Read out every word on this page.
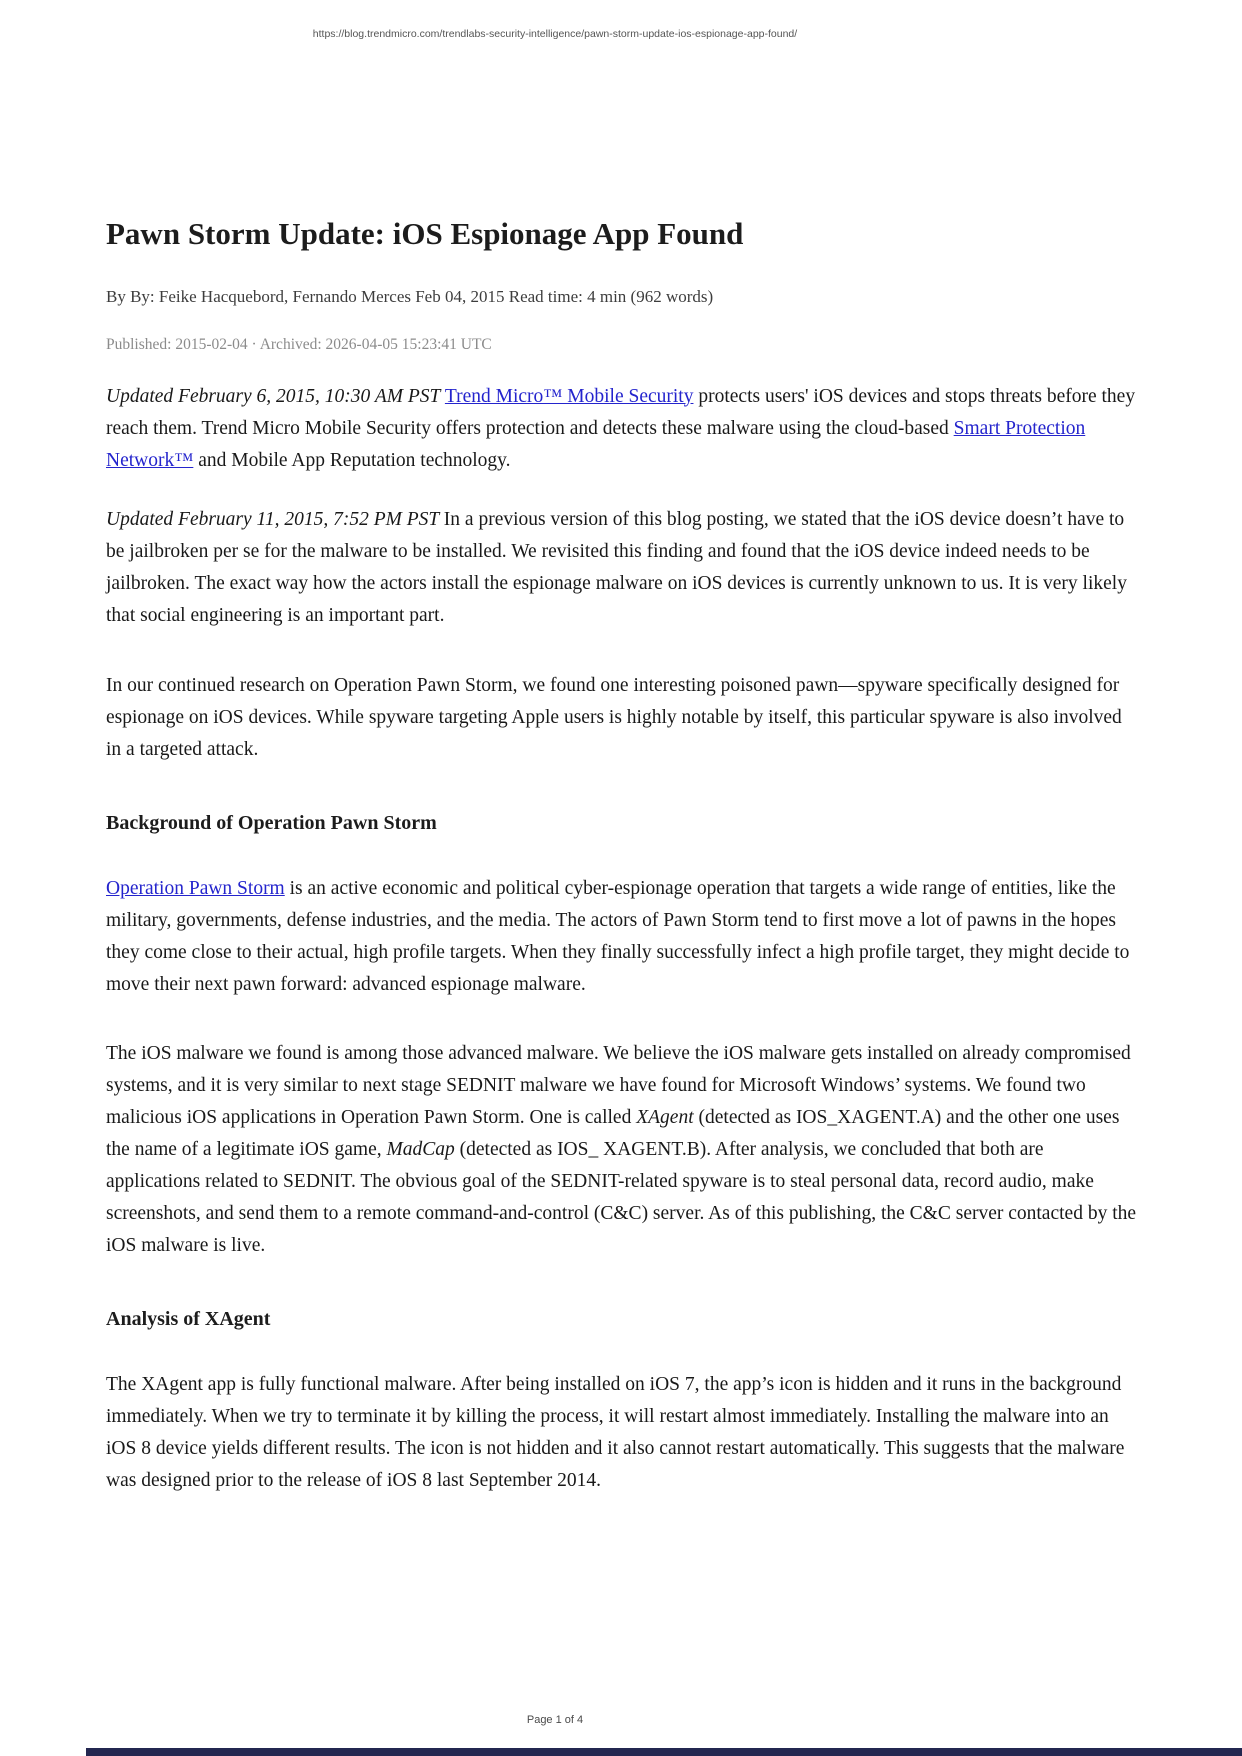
https://blog.trendmicro.com/trendlabs-security-intelligence/pawn-storm-update-ios-espionage-app-found/
Pawn Storm Update: iOS Espionage App Found
By By: Feike Hacquebord, Fernando Merces Feb 04, 2015 Read time: 4 min (962 words)
Published: 2015-02-04 · Archived: 2026-04-05 15:23:41 UTC

Updated February 6, 2015, 10:30 AM PST Trend Micro™ Mobile Security protects users' iOS devices and stops threats before they reach them. Trend Micro Mobile Security offers protection and detects these malware using the cloud-based Smart Protection Network™ and Mobile App Reputation technology.

Updated February 11, 2015, 7:52 PM PST In a previous version of this blog posting, we stated that the iOS device doesn’t have to be jailbroken per se for the malware to be installed. We revisited this finding and found that the iOS device indeed needs to be jailbroken. The exact way how the actors install the espionage malware on iOS devices is currently unknown to us. It is very likely that social engineering is an important part.

In our continued research on Operation Pawn Storm, we found one interesting poisoned pawn—spyware specifically designed for espionage on iOS devices. While spyware targeting Apple users is highly notable by itself, this particular spyware is also involved in a targeted attack.

Background of Operation Pawn Storm

Operation Pawn Storm is an active economic and political cyber-espionage operation that targets a wide range of entities, like the military, governments, defense industries, and the media. The actors of Pawn Storm tend to first move a lot of pawns in the hopes they come close to their actual, high profile targets. When they finally successfully infect a high profile target, they might decide to move their next pawn forward: advanced espionage malware.

The iOS malware we found is among those advanced malware. We believe the iOS malware gets installed on already compromised systems, and it is very similar to next stage SEDNIT malware we have found for Microsoft Windows’ systems. We found two malicious iOS applications in Operation Pawn Storm. One is called XAgent (detected as IOS_XAGENT.A) and the other one uses the name of a legitimate iOS game, MadCap (detected as IOS_ XAGENT.B). After analysis, we concluded that both are applications related to SEDNIT. The obvious goal of the SEDNIT-related spyware is to steal personal data, record audio, make screenshots, and send them to a remote command-and-control (C&C) server. As of this publishing, the C&C server contacted by the iOS malware is live.

Analysis of XAgent

The XAgent app is fully functional malware. After being installed on iOS 7, the app’s icon is hidden and it runs in the background immediately. When we try to terminate it by killing the process, it will restart almost immediately. Installing the malware into an iOS 8 device yields different results. The icon is not hidden and it also cannot restart automatically. This suggests that the malware was designed prior to the release of iOS 8 last September 2014.

Page 1 of 4
